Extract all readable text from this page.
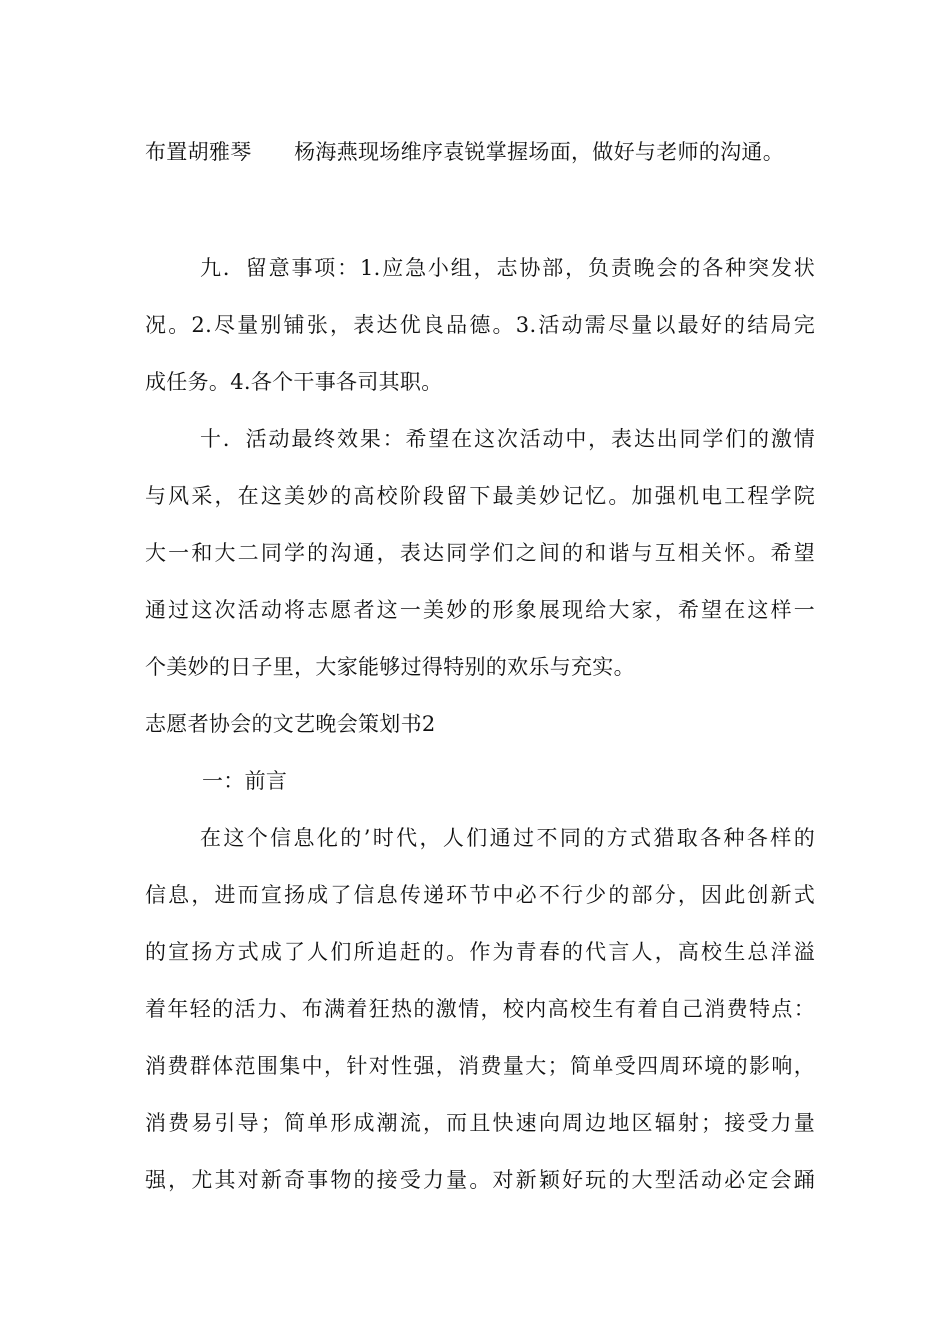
布置胡雅琴　　杨海燕现场维序袁锐掌握场面，做好与老师的沟通。
九．留意事项：1.应急小组，志协部，负责晚会的各种突发状
况。2.尽量别铺张，表达优良品德。3.活动需尽量以最好的结局完
成任务。4.各个干事各司其职。
十．活动最终效果：希望在这次活动中，表达出同学们的激情
与风采，在这美妙的高校阶段留下最美妙记忆。加强机电工程学院
大一和大二同学的沟通，表达同学们之间的和谐与互相关怀。希望
通过这次活动将志愿者这一美妙的形象展现给大家，希望在这样一
个美妙的日子里，大家能够过得特别的欢乐与充实。
志愿者协会的文艺晚会策划书2
一：前言
在这个信息化的’时代，人们通过不同的方式猎取各种各样的
信息，进而宣扬成了信息传递环节中必不行少的部分，因此创新式
的宣扬方式成了人们所追赶的。作为青春的代言人，高校生总洋溢
着年轻的活力、布满着狂热的激情，校内高校生有着自己消费特点：
消费群体范围集中，针对性强，消费量大；简单受四周环境的影响，
消费易引导；简单形成潮流，而且快速向周边地区辐射；接受力量
强，尤其对新奇事物的接受力量。对新颖好玩的大型活动必定会踊
